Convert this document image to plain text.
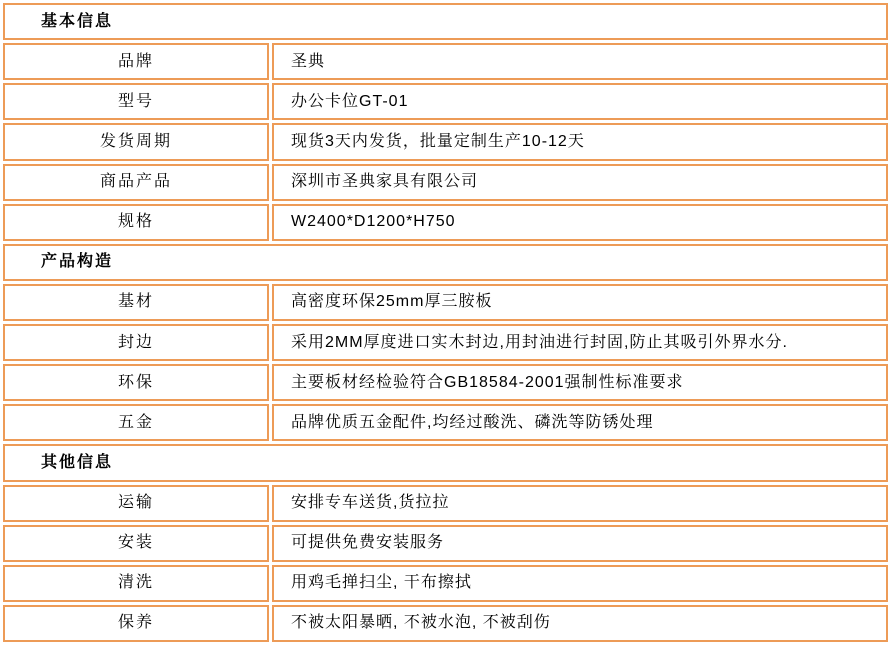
基本信息	
品牌	圣典
型号	办公卡位GT-01
发货周期	现货3天内发货，批量定制生产10-12天
商品产品	深圳市圣典家具有限公司
规格	W2400*D1200*H750
产品构造	
基材	高密度环保25mm厚三胺板
封边	采用2MM厚度进口实木封边,用封油进行封固,防止其吸引外界水分.
环保	主要板材经检验符合GB18584-2001强制性标准要求
五金	品牌优质五金配件,均经过酸洗、磷洗等防锈处理
其他信息	
运输	安排专车送货,货拉拉
安装	可提供免费安装服务
清洗	用鸡毛掸扫尘, 干布擦拭
保养	不被太阳暴晒, 不被水泡, 不被刮伤
